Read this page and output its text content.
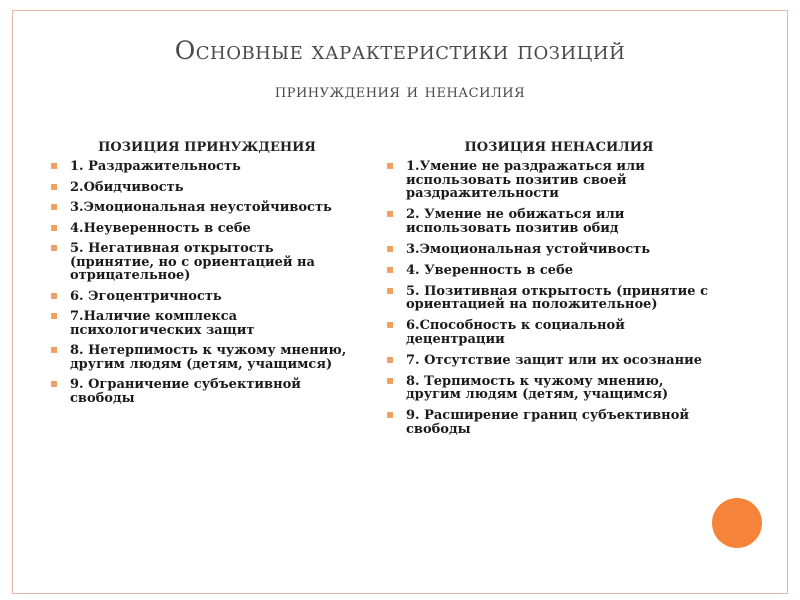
Основные характеристики позиций
принуждения и ненасилия
ПОЗИЦИЯ ПРИНУЖДЕНИЯ
▪ 1. Раздражительность
▪ 2.Обидчивость
▪ 3.Эмоциональная неустойчивость
▪ 4.Неуверенность в себе
▪ 5. Негативная открытость (принятие, но с ориентацией на отрицательное)
▪ 6. Эгоцентричность
▪ 7.Наличие комплекса психологических защит
▪ 8. Нетерпимость к чужому мнению, другим людям (детям, учащимся)
▪ 9. Ограничение субъективной свободы
ПОЗИЦИЯ НЕНАСИЛИЯ
▪ 1.Умение не раздражаться или использовать позитив своей раздражительности
▪ 2. Умение не обижаться или использовать позитив обид
▪ 3.Эмоциональная устойчивость
▪ 4. Уверенность в себе
▪ 5. Позитивная открытость (принятие с ориентацией на положительное)
▪ 6.Способность к социальной децентрации
▪ 7. Отсутствие защит или их осознание
▪ 8. Терпимость к чужому мнению, другим людям (детям, учащимся)
▪ 9. Расширение границ субъективной свободы
